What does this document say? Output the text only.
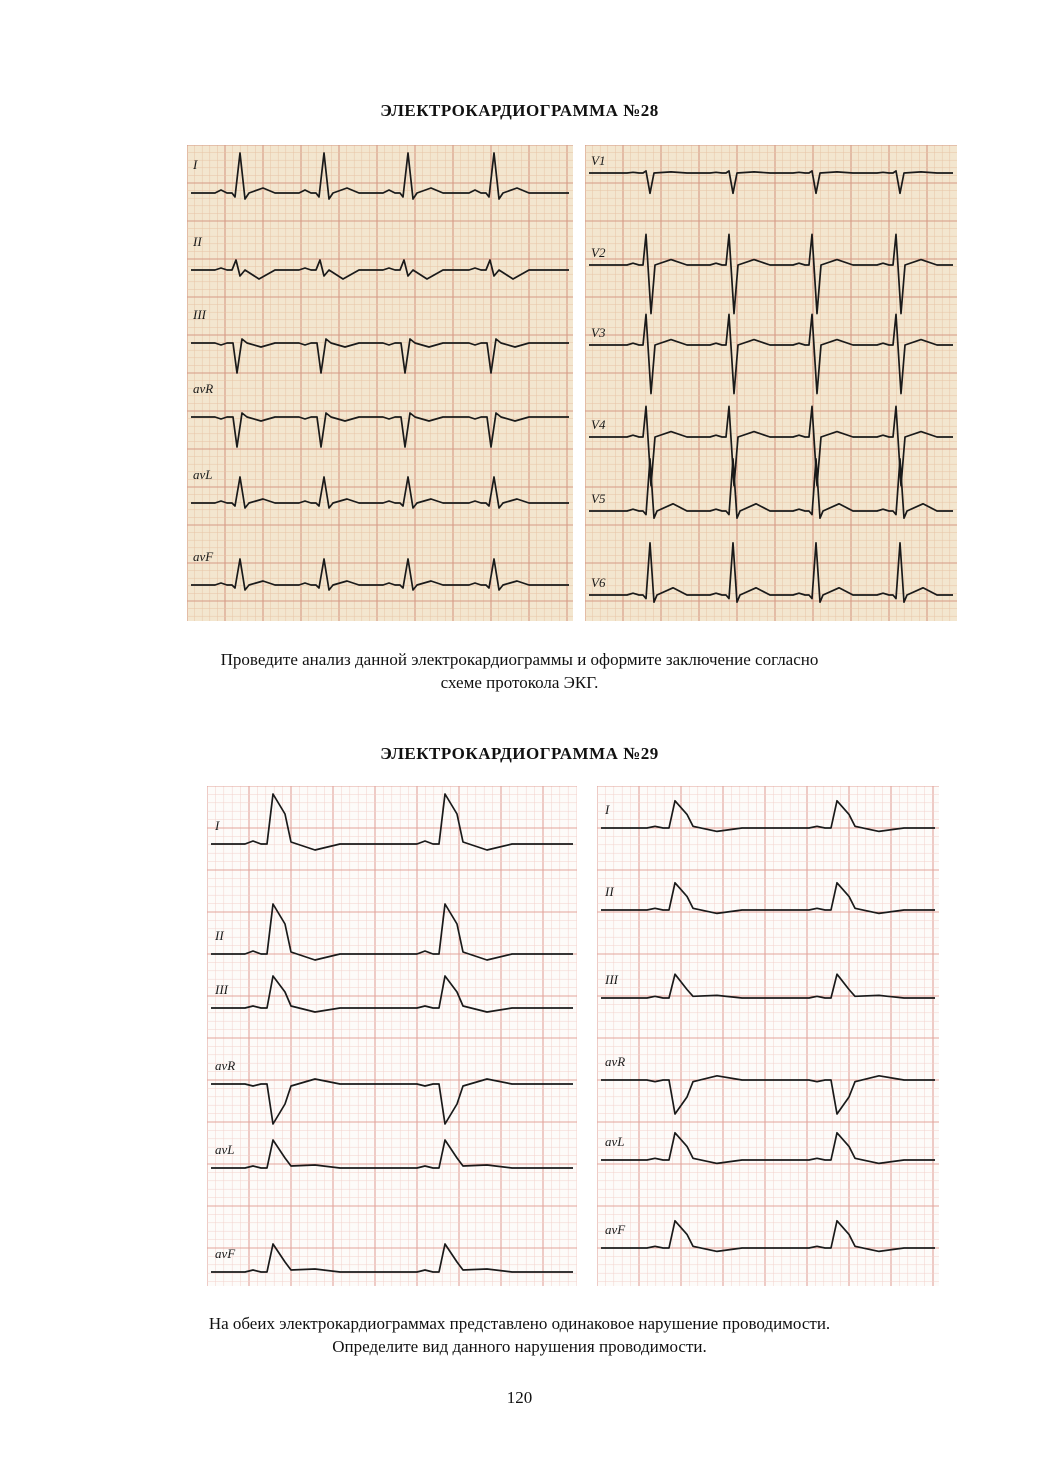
ЭЛЕКТРОКАРДИОГРАММА №28
I
II
III
avR
avL
avF
V1
V2
V3
V4
V5
V6
Проведите анализ данной электрокардиограммы и оформите заключение согласно
схеме протокола ЭКГ.
ЭЛЕКТРОКАРДИОГРАММА №29
I
II
III
avR
avL
avF
I
II
III
avR
avL
avF
На обеих электрокардиограммах представлено одинаковое нарушение проводимости.
Определите вид данного нарушения проводимости.
120
